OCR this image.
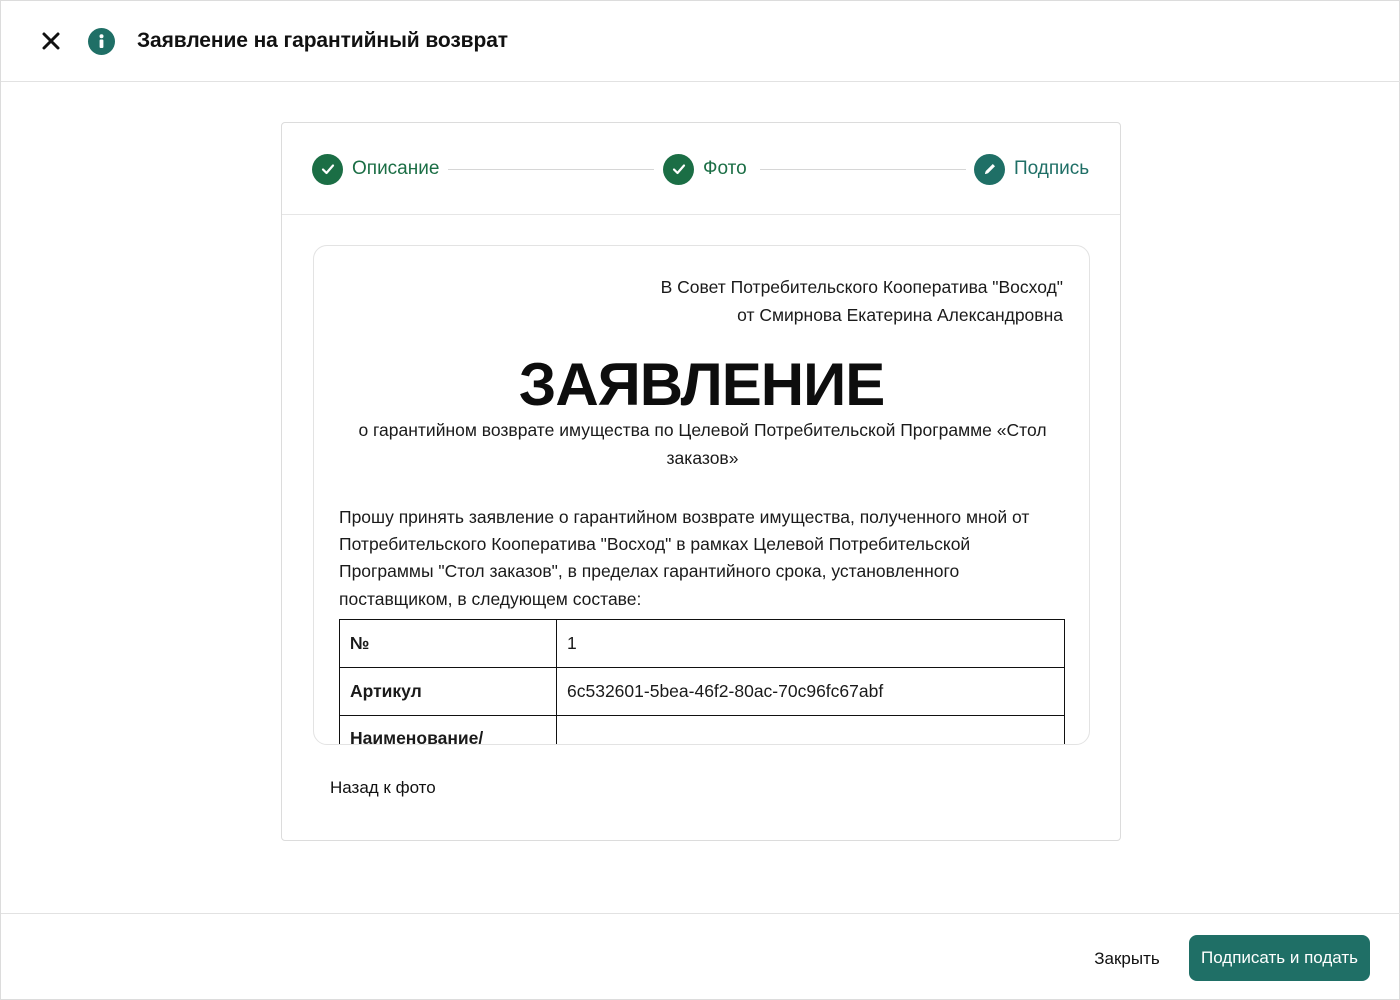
Заявление на гарантийный возврат
Описание	Фото	Подпись
В Совет Потребительского Кооператива "Восход"
от Смирнова Екатерина Александровна
ЗАЯВЛЕНИЕ
о гарантийном возврате имущества по Целевой Потребительской Программе «Стол заказов»
Прошу принять заявление о гарантийном возврате имущества, полученного мной от Потребительского Кооператива "Восход" в рамках Целевой Потребительской Программы "Стол заказов", в пределах гарантийного срока, установленного поставщиком, в следующем составе:
№	1
Артикул	6c532601-5bea-46f2-80ac-70c96fc67abf
Наименование/	
Назад к фото
Закрыть	Подписать и подать
